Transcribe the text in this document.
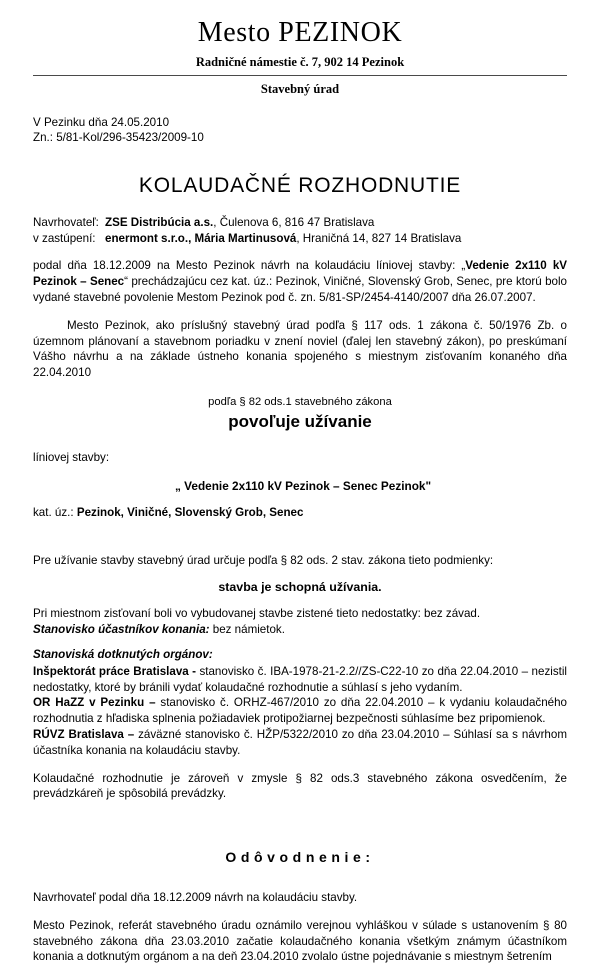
Mesto PEZINOK
Radničné námestie č. 7, 902 14 Pezinok
Stavebný úrad
V Pezinku dňa 24.05.2010
Zn.: 5/81-Kol/296-35423/2009-10
KOLAUDAČNÉ ROZHODNUTIE
Navrhovateľ: ZSE Distribúcia a.s., Čulenova 6, 816 47 Bratislava
v zastúpení: enermont s.r.o., Mária Martinusová, Hraničná 14, 827 14 Bratislava

podal dňa 18.12.2009 na Mesto Pezinok návrh na kolaudáciu líniovej stavby: „Vedenie 2x110 kV Pezinok – Senec“ prechádzajúcu cez kat. úz.: Pezinok, Viničné, Slovenský Grob, Senec, pre ktorú bolo vydané stavebné povolenie Mestom Pezinok pod č. zn. 5/81-SP/2454-4140/2007 dňa 26.07.2007.

Mesto Pezinok, ako príslušný stavebný úrad podľa § 117 ods. 1 zákona č. 50/1976 Zb. o územnom plánovaní a stavebnom poriadku v znení noviel (ďalej len stavebný zákon), po preskúmaní Vášho návrhu a na základe ústneho konania spojeného s miestnym zisťovaním konaného dňa 22.04.2010

podľa § 82 ods.1 stavebného zákona
povoľuje užívanie
líniovej stavby:
„ Vedenie 2x110 kV Pezinok – Senec Pezinok"
kat. úz.: Pezinok, Viničné, Slovenský Grob, Senec

Pre užívanie stavby stavebný úrad určuje podľa § 82 ods. 2 stav. zákona tieto podmienky:

stavba je schopná užívania.

Pri miestnom zisťovaní boli vo vybudovanej stavbe zistené tieto nedostatky: bez závad.

Stanovisko účastníkov konania: bez námietok.
Stanoviská dotknutých orgánov:

Inšpektorát práce Bratislava - stanovisko č. IBA-1978-21-2.2//ZS-C22-10 zo dňa 22.04.2010 – nezistil nedostatky, ktoré by bránili vydať kolaudačné rozhodnutie a súhlasí s jeho vydaním.

OR HaZZ v Pezinku – stanovisko č. ORHZ-467/2010 zo dňa 22.04.2010 – k vydaniu kolaudačného rozhodnutia z hľadiska splnenia požiadaviek protipožiarnej bezpečnosti súhlasíme bez pripomienok.

RÚVZ Bratislava – záväzné stanovisko č. HŽP/5322/2010 zo dňa 23.04.2010 – Súhlasí sa s návrhom účastníka konania na kolaudáciu stavby.

Kolaudačné rozhodnutie je zároveň v zmysle § 82 ods.3 stavebného zákona osvedčením, že prevádzkáreň je spôsobilá prevádzky.

Odôvodnenie:

Navrhovateľ podal dňa 18.12.2009 návrh na kolaudáciu stavby.

Mesto Pezinok, referát stavebného úradu oznámilo verejnou vyhláškou v súlade s ustanovením § 80 stavebného zákona dňa 23.03.2010 začatie kolaudačného konania všetkým známym účastníkom konania a dotknutým orgánom a na deň 23.04.2010 zvolalo ústne pojednávanie s miestnym šetrením
